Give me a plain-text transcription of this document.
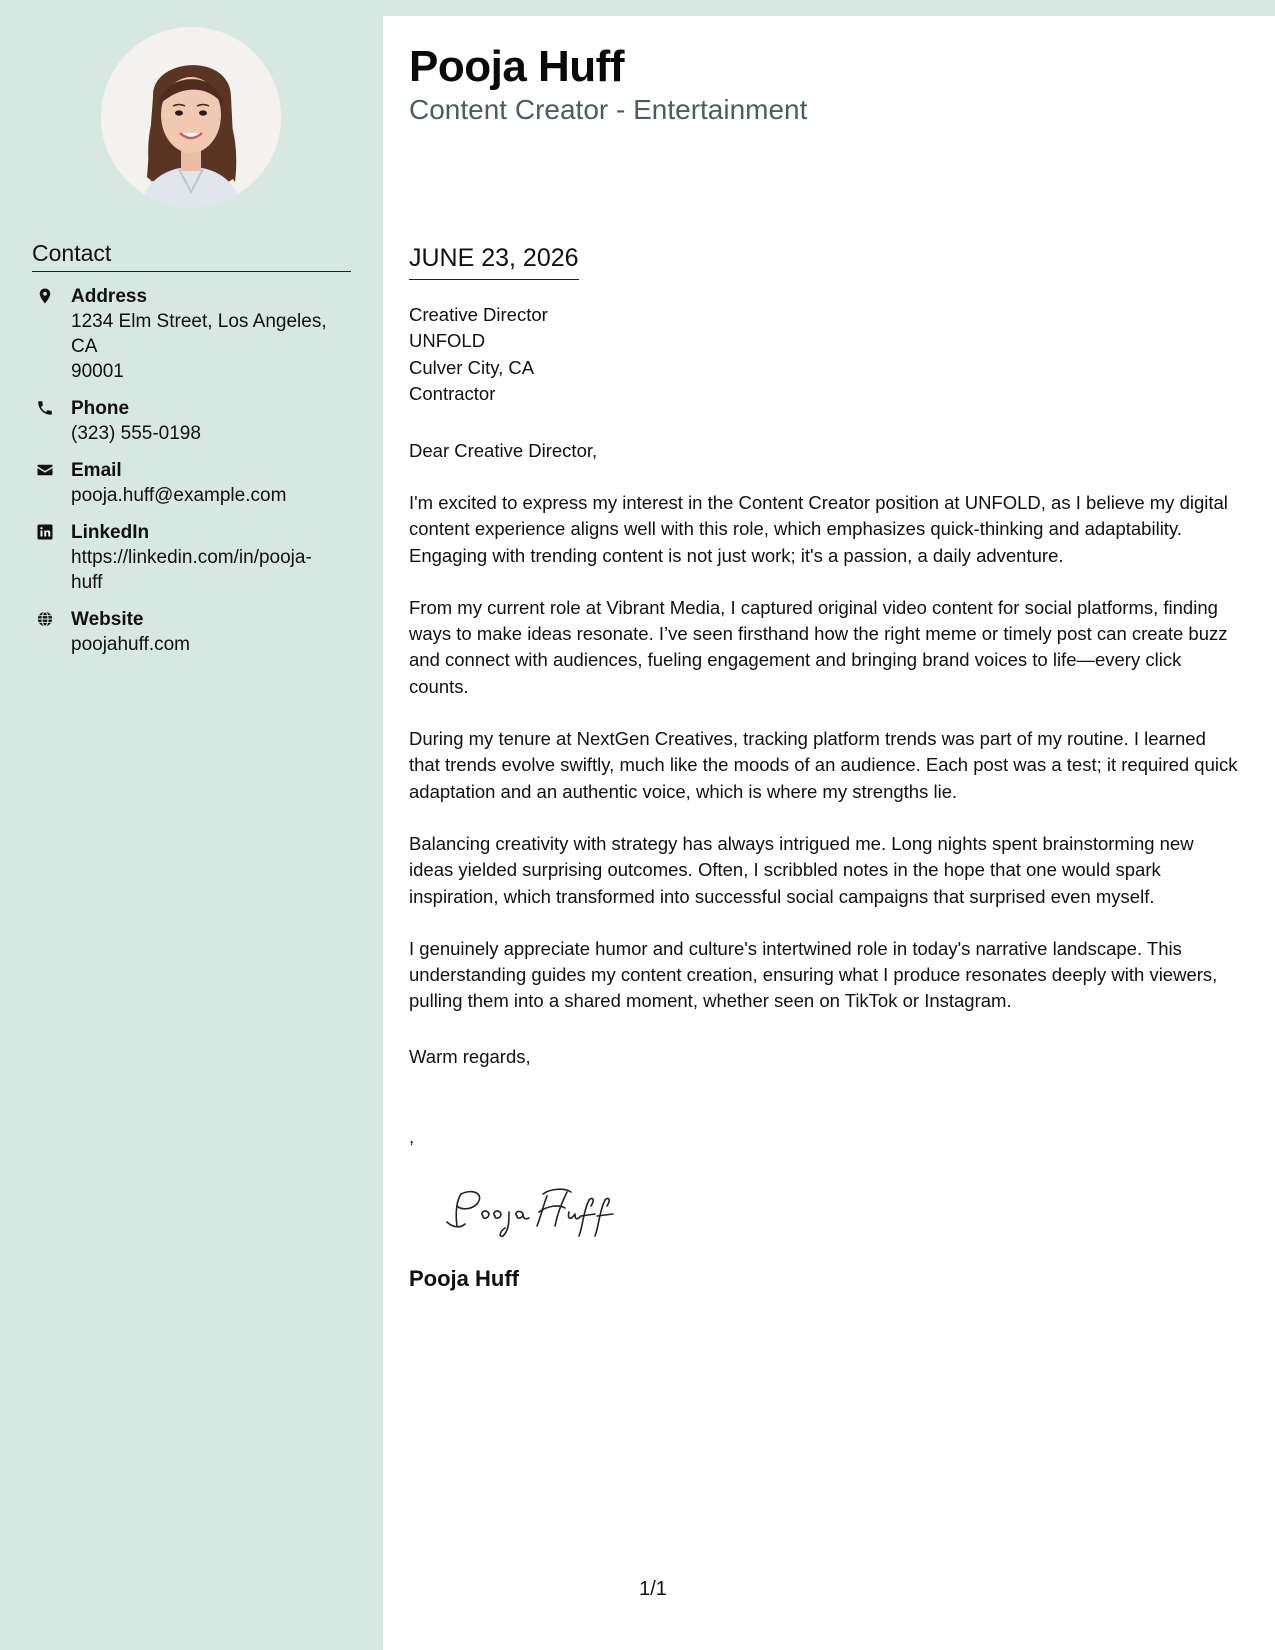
Contact
Address
1234 Elm Street, Los Angeles, CA
90001
Phone
(323) 555-0198
Email
pooja.huff@example.com
LinkedIn
https://linkedin.com/in/pooja-
huff
Website
poojahuff.com
Pooja Huff
Content Creator - Entertainment
JUNE 23, 2026
Creative Director
UNFOLD
Culver City, CA
Contractor
Dear Creative Director,

I'm excited to express my interest in the Content Creator position at UNFOLD, as I believe my digital content experience aligns well with this role, which emphasizes quick-thinking and adaptability. Engaging with trending content is not just work; it's a passion, a daily adventure.

From my current role at Vibrant Media, I captured original video content for social platforms, finding ways to make ideas resonate. I’ve seen firsthand how the right meme or timely post can create buzz and connect with audiences, fueling engagement and bringing brand voices to life—every click counts.

During my tenure at NextGen Creatives, tracking platform trends was part of my routine. I learned that trends evolve swiftly, much like the moods of an audience. Each post was a test; it required quick adaptation and an authentic voice, which is where my strengths lie.

Balancing creativity with strategy has always intrigued me. Long nights spent brainstorming new ideas yielded surprising outcomes. Often, I scribbled notes in the hope that one would spark inspiration, which transformed into successful social campaigns that surprised even myself.

I genuinely appreciate humor and culture's intertwined role in today's narrative landscape. This understanding guides my content creation, ensuring what I produce resonates deeply with viewers, pulling them into a shared moment, whether seen on TikTok or Instagram.

Warm regards,
,
Pooja Huff
1/1
